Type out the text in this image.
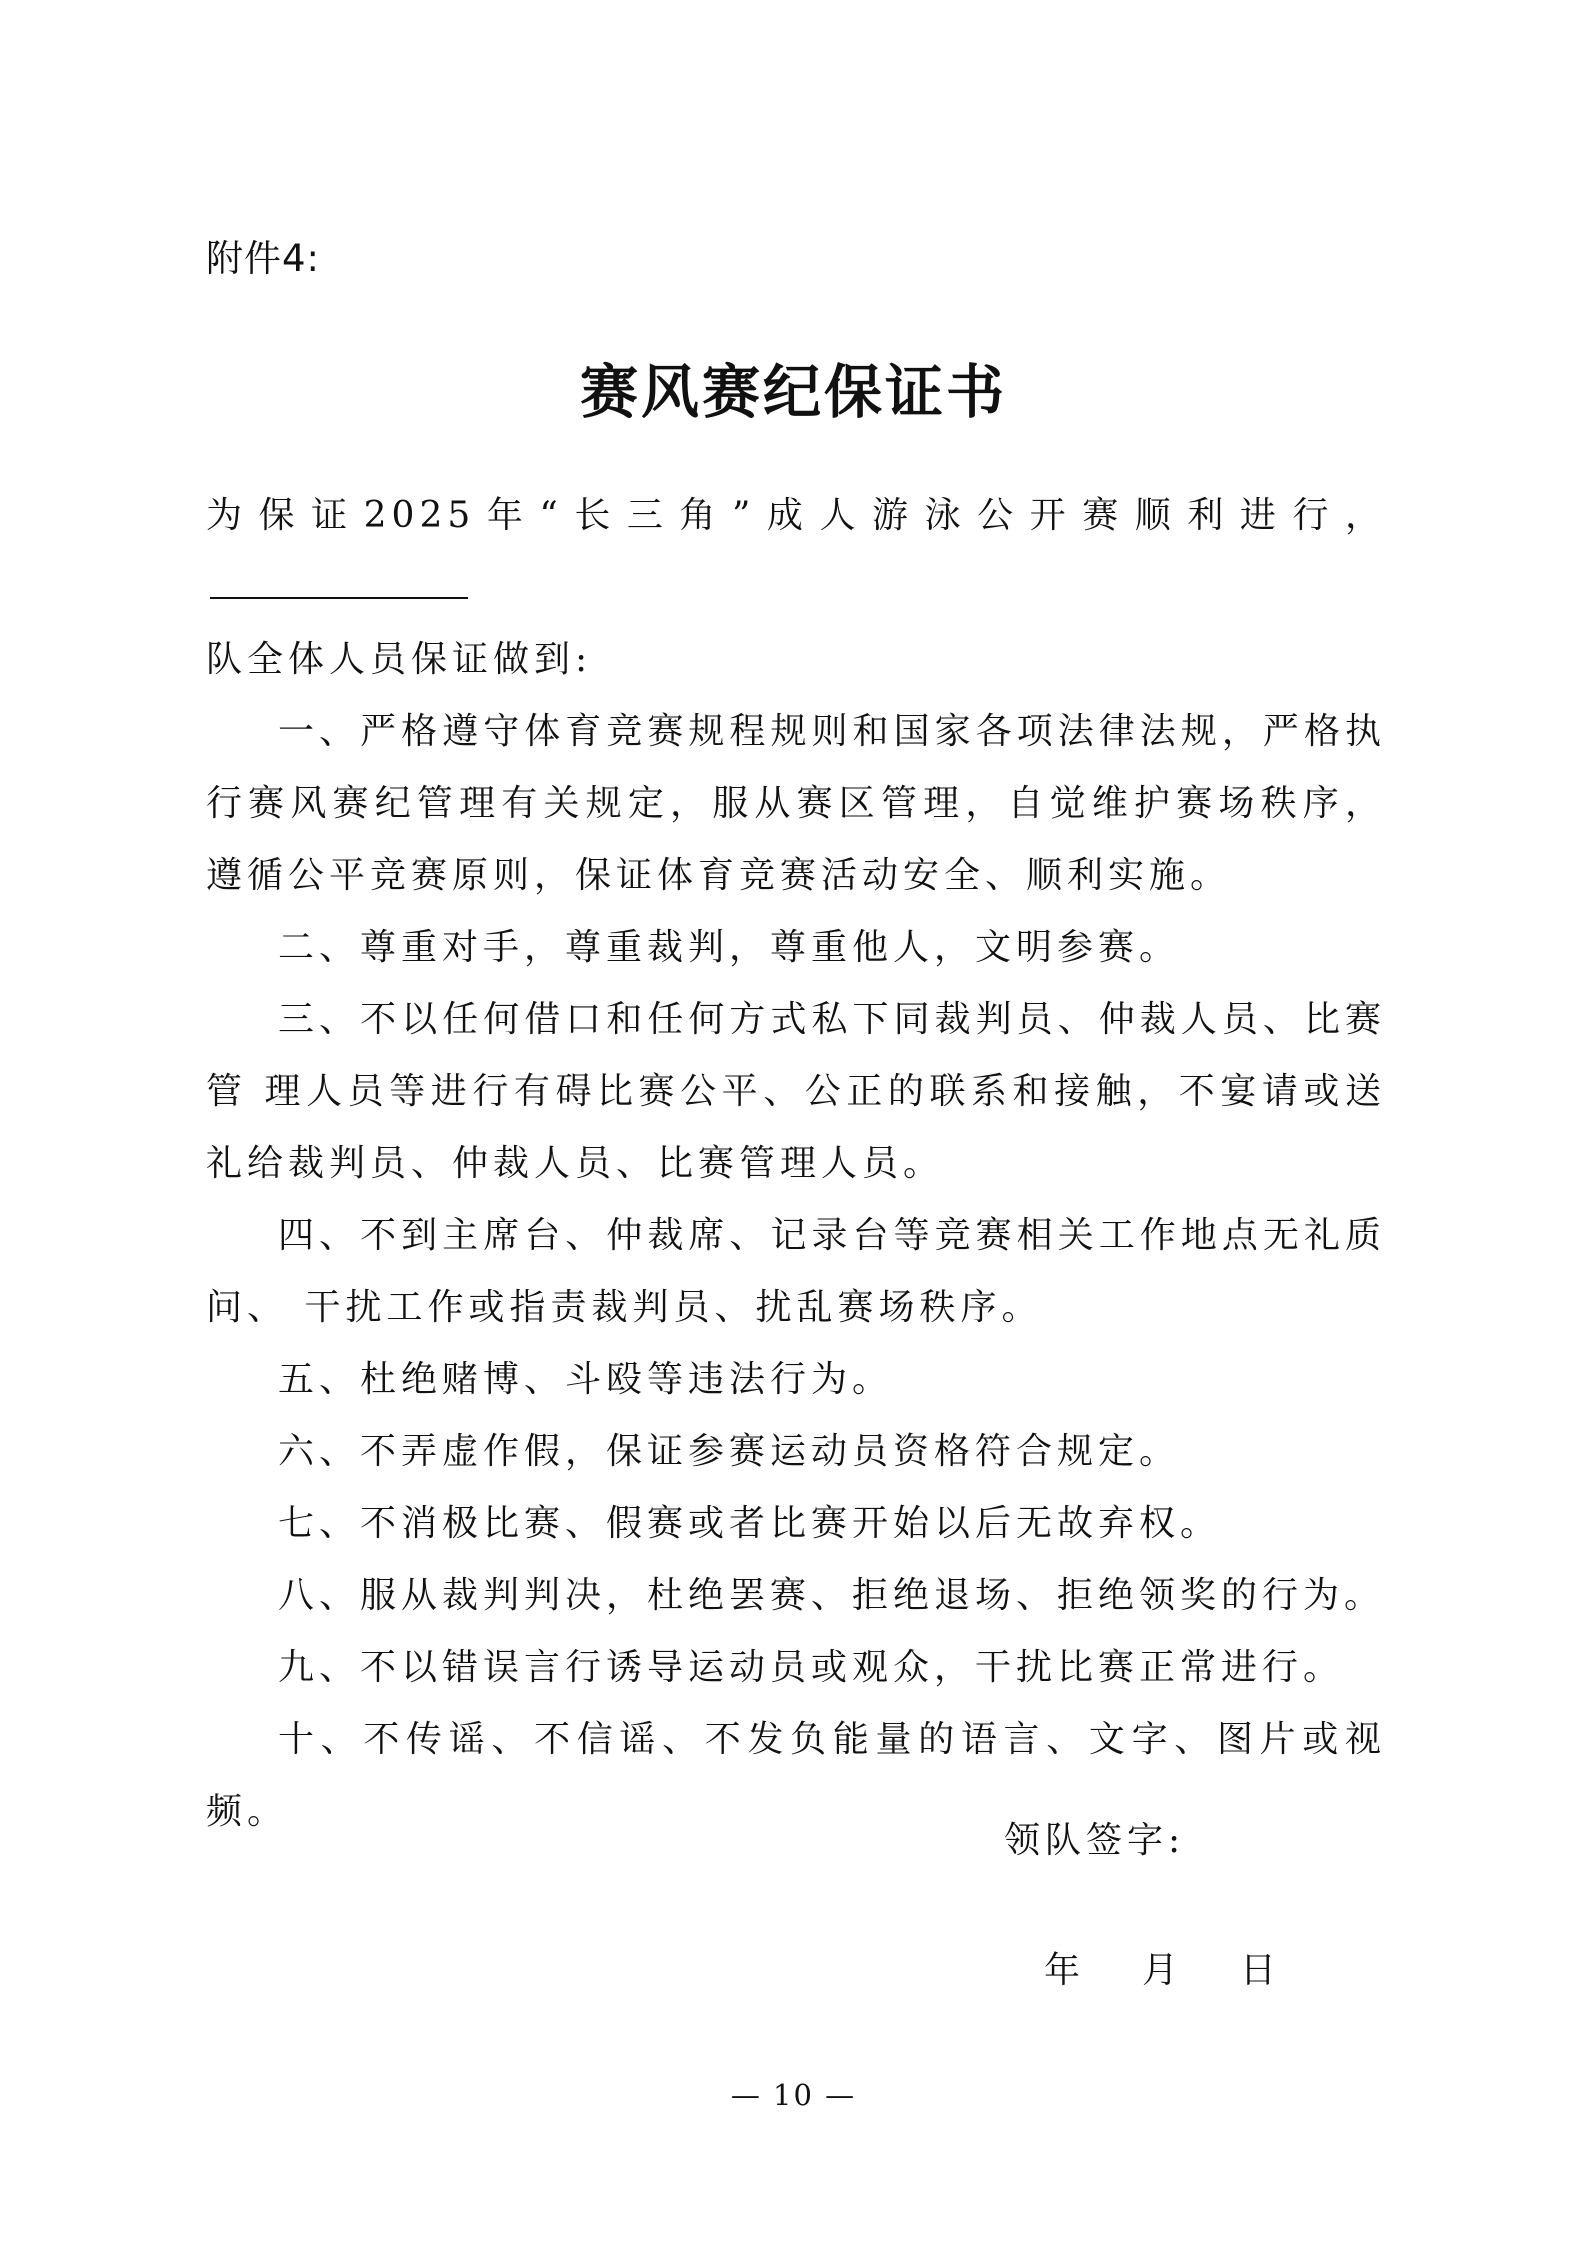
附件4:
赛风赛纪保证书

为保证2025年“长三角”成人游泳公开赛顺利进行，
队全体人员保证做到:

一、严格遵守体育竞赛规程规则和国家各项法律法规，严格执行赛风赛纪管理有关规定，服从赛区管理，自觉维护赛场秩序，遵循公平竞赛原则，保证体育竞赛活动安全、顺利实施。

二、尊重对手，尊重裁判，尊重他人，文明参赛。

三、不以任何借口和任何方式私下同裁判员、仲裁人员、比赛管 理人员等进行有碍比赛公平、公正的联系和接触，不宴请或送礼给裁判员、仲裁人员、比赛管理人员。

四、不到主席台、仲裁席、记录台等竞赛相关工作地点无礼质问、 干扰工作或指责裁判员、扰乱赛场秩序。

五、杜绝赌博、斗殴等违法行为。

六、不弄虚作假，保证参赛运动员资格符合规定。

七、不消极比赛、假赛或者比赛开始以后无故弃权。

八、服从裁判判决，杜绝罢赛、拒绝退场、拒绝领奖的行为。

九、不以错误言行诱导运动员或观众，干扰比赛正常进行。

十、不传谣、不信谣、不发负能量的语言、文字、图片或视频。

领队签字:
年 月 日
— 10 —
